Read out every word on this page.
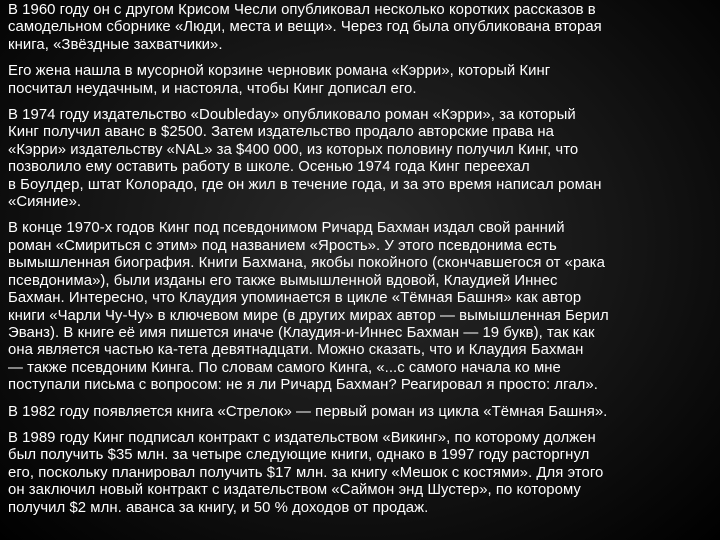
В 1960 году он с другом Крисом Чесли опубликовал несколько коротких рассказов в
самодельном сборнике «Люди, места и вещи». Через год была опубликована вторая
книга, «Звёздные захватчики».

Его жена нашла в мусорной корзине черновик романа «Кэрри», который Кинг
посчитал неудачным, и настояла, чтобы Кинг дописал его.

В 1974 году издательство «Doubleday» опубликовало роман «Кэрри», за который
Кинг получил аванс в $2500. Затем издательство продало авторские права на
«Кэрри» издательству «NAL» за $400 000, из которых половину получил Кинг, что
позволило ему оставить работу в школе. Осенью 1974 года Кинг переехал
в Боулдер, штат Колорадо, где он жил в течение года, и за это время написал роман
«Сияние».

В конце 1970-х годов Кинг под псевдонимом Ричард Бахман издал свой ранний
роман «Смириться с этим» под названием «Ярость». У этого псевдонима есть
вымышленная биография. Книги Бахмана, якобы покойного (скончавшегося от «рака
псевдонима»), были изданы его также вымышленной вдовой, Клаудией Иннес
Бахман. Интересно, что Клаудия упоминается в цикле «Тёмная Башня» как автор
книги «Чарли Чу-Чу» в ключевом мире (в других мирах автор — вымышленная Берил
Эванз). В книге её имя пишется иначе (Клаудия-и-Иннес Бахман — 19 букв), так как
она является частью ка-тета девятнадцати. Можно сказать, что и Клаудия Бахман
— также псевдоним Кинга. По словам самого Кинга, «...с самого начала ко мне
поступали письма с вопросом: не я ли Ричард Бахман? Реагировал я просто: лгал».

В 1982 году появляется книга «Стрелок» — первый роман из цикла «Тёмная Башня».

В 1989 году Кинг подписал контракт с издательством «Викинг», по которому должен
был получить $35 млн. за четыре следующие книги, однако в 1997 году расторгнул
его, поскольку планировал получить $17 млн. за книгу «Мешок с костями». Для этого
он заключил новый контракт с издательством «Саймон энд Шустер», по которому
получил $2 млн. аванса за книгу, и 50 % доходов от продаж.
